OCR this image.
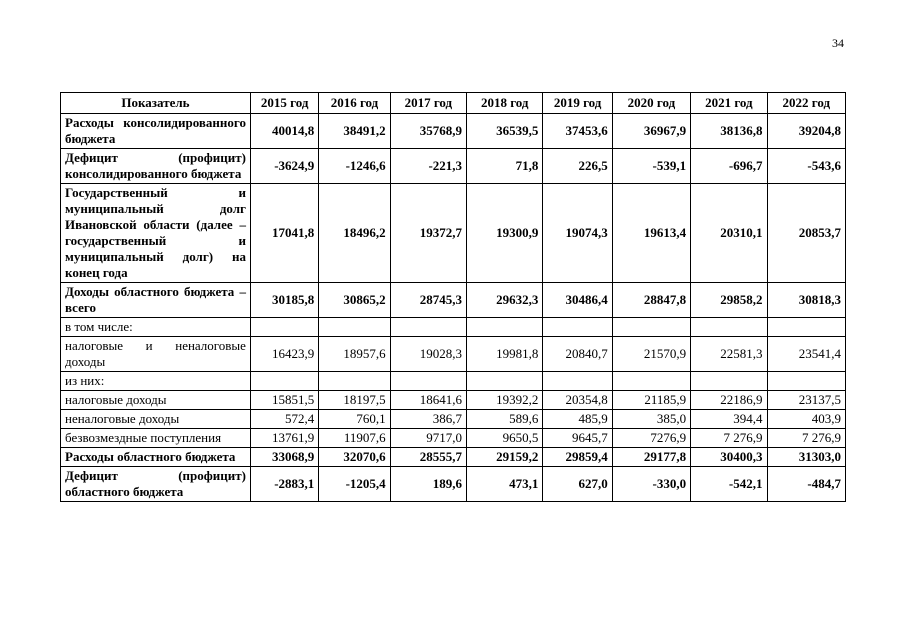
34
Показатель	2015 год	2016 год	2017 год	2018 год	2019 год	2020 год	2021 год	2022 год
Расходы консолидированного бюджета	40014,8	38491,2	35768,9	36539,5	37453,6	36967,9	38136,8	39204,8
Дефицит (профицит) консолидированного бюджета	-3624,9	-1246,6	-221,3	71,8	226,5	-539,1	-696,7	-543,6
Государственный и муниципальный долг Ивановской области (далее – государственный и муниципальный долг) на конец года	17041,8	18496,2	19372,7	19300,9	19074,3	19613,4	20310,1	20853,7
Доходы областного бюджета – всего	30185,8	30865,2	28745,3	29632,3	30486,4	28847,8	29858,2	30818,3
в том числе:								
налоговые и неналоговые доходы	16423,9	18957,6	19028,3	19981,8	20840,7	21570,9	22581,3	23541,4
из них:								
налоговые доходы	15851,5	18197,5	18641,6	19392,2	20354,8	21185,9	22186,9	23137,5
неналоговые доходы	572,4	760,1	386,7	589,6	485,9	385,0	394,4	403,9
безвозмездные поступления	13761,9	11907,6	9717,0	9650,5	9645,7	7276,9	7 276,9	7 276,9
Расходы областного бюджета	33068,9	32070,6	28555,7	29159,2	29859,4	29177,8	30400,3	31303,0
Дефицит (профицит) областного бюджета	-2883,1	-1205,4	189,6	473,1	627,0	-330,0	-542,1	-484,7
